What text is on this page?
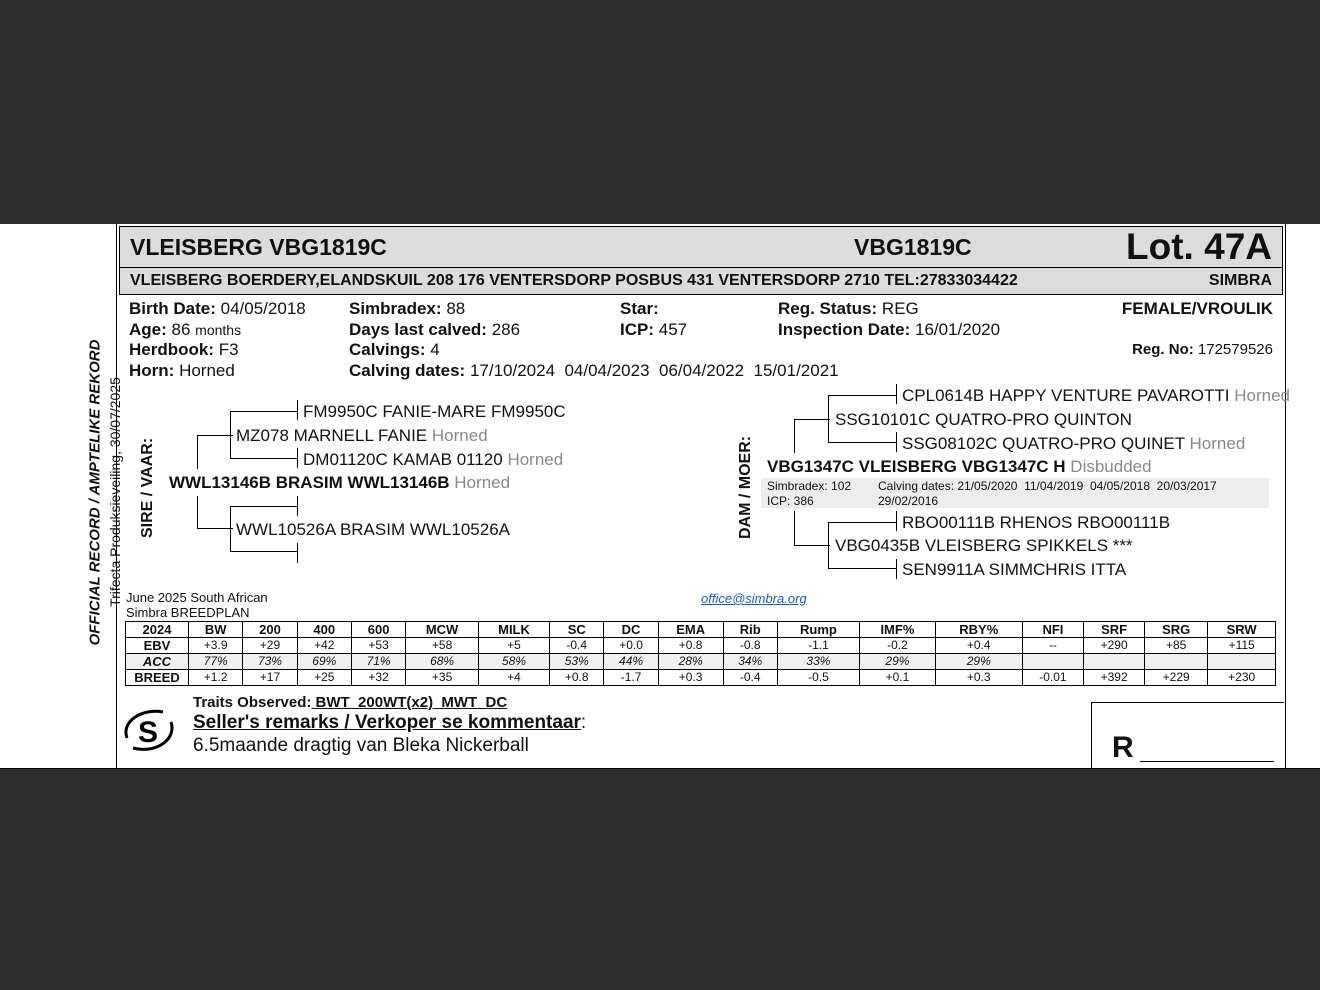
OFFICIAL RECORD / AMPTELIKE REKORD Trifecta Produksieveiling, 30/07/2025
VLEISBERG VBG1819C	VBG1819C	Lot. 47A
VLEISBERG BOERDERY,ELANDSKUIL 208 176 VENTERSDORP POSBUS 431 VENTERSDORP 2710 TEL:27833034422	SIMBRA
Birth Date: 04/05/2018
Age: 86 months
Herdbook: F3
Horn: Horned
Simbradex: 88
Days last calved: 286
Calvings: 4
Calving dates: 17/10/2024  04/04/2023  06/04/2022  15/01/2021
Star:
ICP: 457
Reg. Status: REG
Inspection Date: 16/01/2020
FEMALE/VROULIK
Reg. No: 172579526
SIRE / VAAR:
FM9950C FANIE-MARE FM9950C
MZ078 MARNELL FANIE Horned
DM01120C KAMAB 01120 Horned
WWL13146B BRASIM WWL13146B Horned
WWL10526A BRASIM WWL10526A	DAM / MOER:
CPL0614B HAPPY VENTURE PAVAROTTI Horned
SSG10101C QUATRO-PRO QUINTON
SSG08102C QUATRO-PRO QUINET Horned
VBG1347C VLEISBERG VBG1347C H Disbudded
Simbradex: 102
ICP: 386
Calving dates: 21/05/2020  11/04/2019  04/05/2018  20/03/2017
29/02/2016
RBO00111B RHENOS RBO00111B
VBG0435B VLEISBERG SPIKKELS ***
SEN9911A SIMMCHRIS ITTA
June 2025 South African
Simbra BREEDPLAN
office@simbra.org
2024	BW	200	400	600	MCW	MILK	SC	DC	EMA	Rib	Rump	IMF%	RBY%	NFI	SRF	SRG	SRW
EBV	+3.9	+29	+42	+53	+58	+5	-0.4	+0.0	+0.8	-0.8	-1.1	-0.2	+0.4	--	+290	+85	+115
ACC	77%	73%	69%	71%	68%	58%	53%	44%	28%	34%	33%	29%	29%				
BREED	+1.2	+17	+25	+32	+35	+4	+0.8	-1.7	+0.3	-0.4	-0.5	+0.1	+0.3	-0.01	+392	+229	+230
S
Traits Observed: BWT  200WT(x2)  MWT  DC
Seller's remarks / Verkoper se kommentaar:
6.5maande dragtig van Bleka Nickerball	R
